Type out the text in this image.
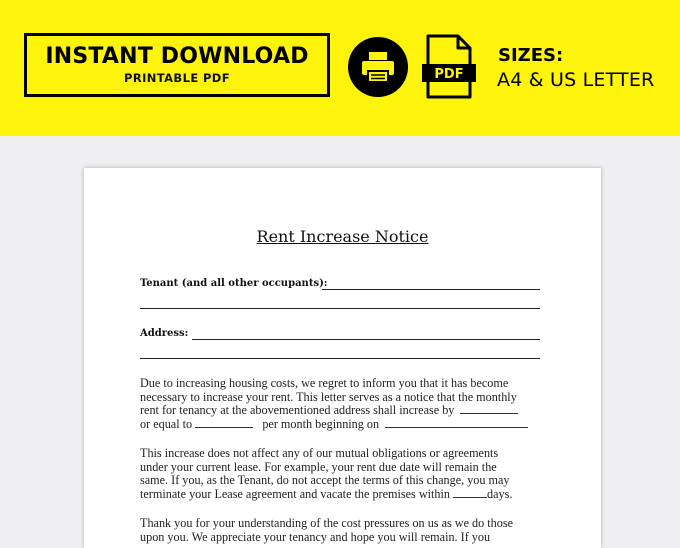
INSTANT DOWNLOAD
PRINTABLE PDF	PDF
SIZES:
A4 & US LETTER
Rent Increase Notice
Tenant (and all other occupants):
Address:
Due to increasing housing costs, we regret to inform you that it has become
necessary to increase your rent. This letter serves as a notice that the monthly
rent for tenancy at the abovementioned address shall increase by
or equal to	per month beginning on
This increase does not affect any of our mutual obligations or agreements
under your current lease. For example, your rent due date will remain the
same. If you, as the Tenant, do not accept the terms of this change, you may
terminate your Lease agreement and vacate the premises within	days.
Thank you for your understanding of the cost pressures on us as we do those
upon you. We appreciate your tenancy and hope you will remain. If you
